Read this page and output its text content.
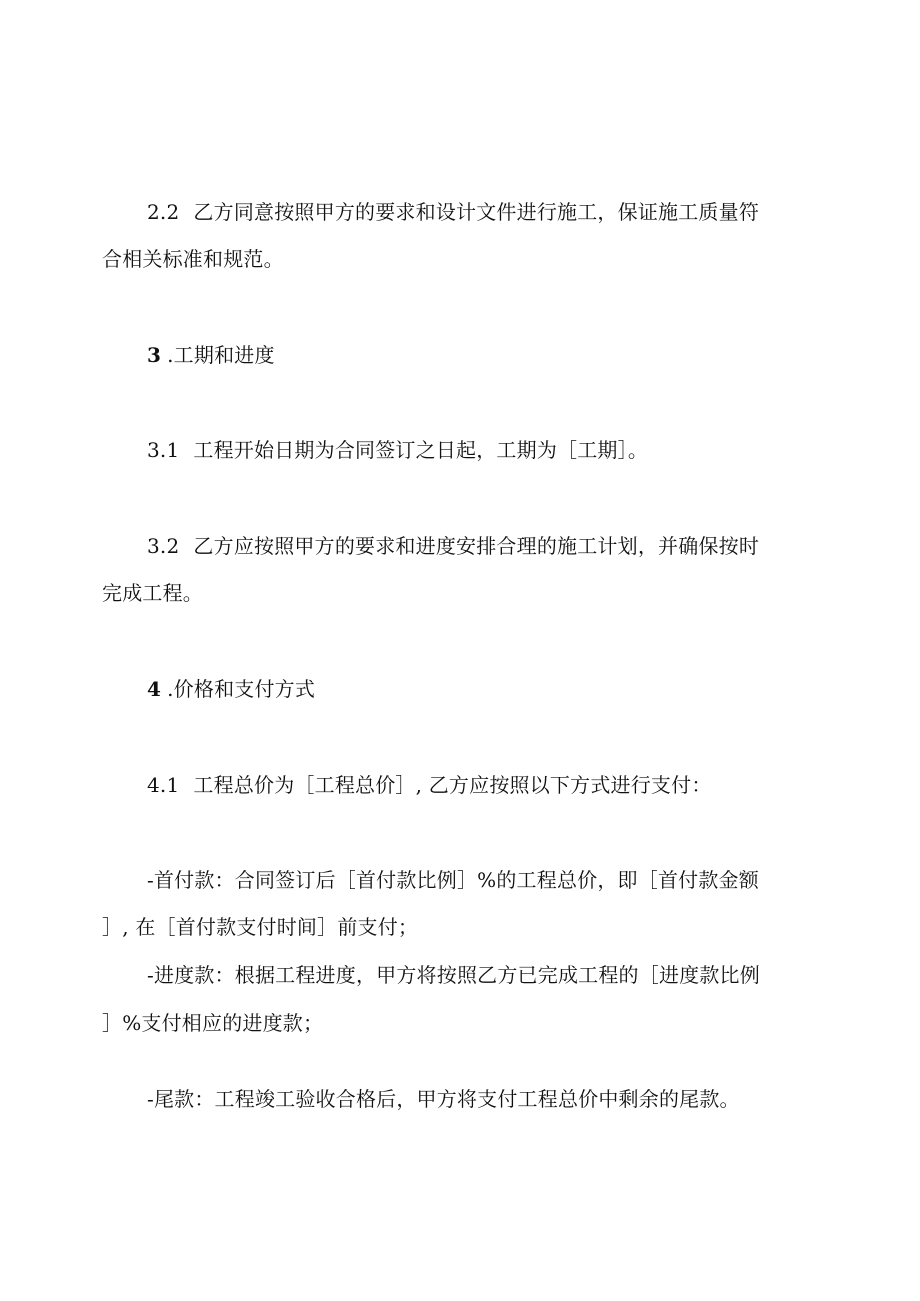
2.2 乙方同意按照甲方的要求和设计文件进行施工，保证施工质量符
合相关标准和规范。
3 .工期和进度
3.1 工程开始日期为合同签订之日起，工期为［工期］。
3.2 乙方应按照甲方的要求和进度安排合理的施工计划，并确保按时
完成工程。
4 .价格和支付方式
4.1 工程总价为［工程总价］, 乙方应按照以下方式进行支付：
-首付款：合同签订后［首付款比例］%的工程总价，即［首付款金额
］, 在［首付款支付时间］前支付；
-进度款：根据工程进度，甲方将按照乙方已完成工程的［进度款比例
］%支付相应的进度款；
-尾款：工程竣工验收合格后，甲方将支付工程总价中剩余的尾款。
